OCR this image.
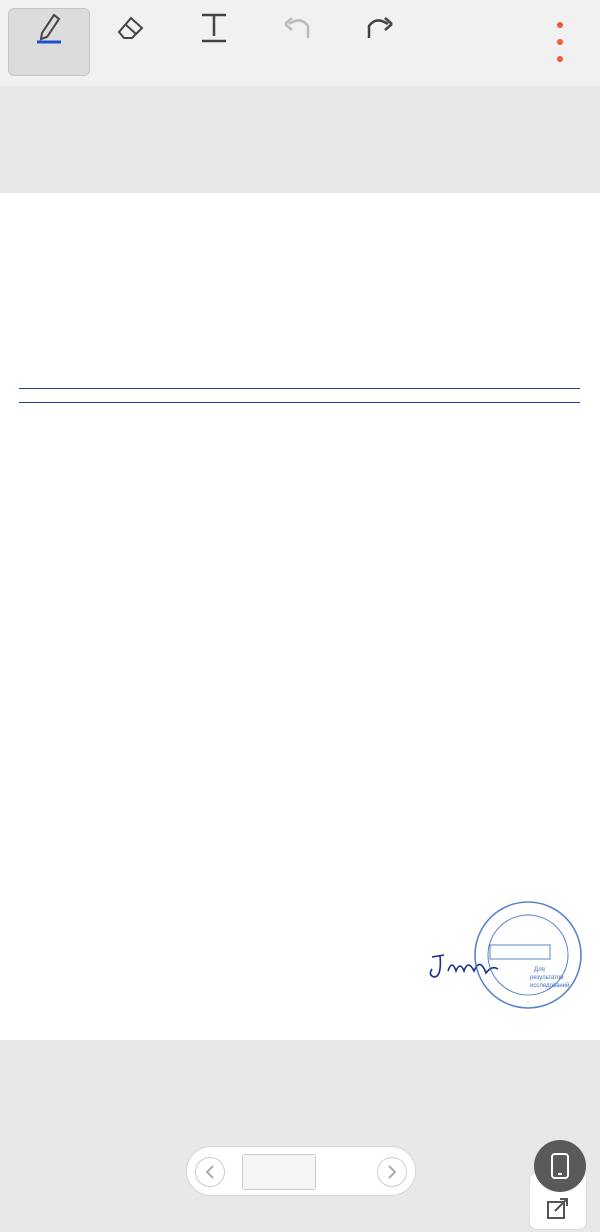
Для
результатов
исследований
